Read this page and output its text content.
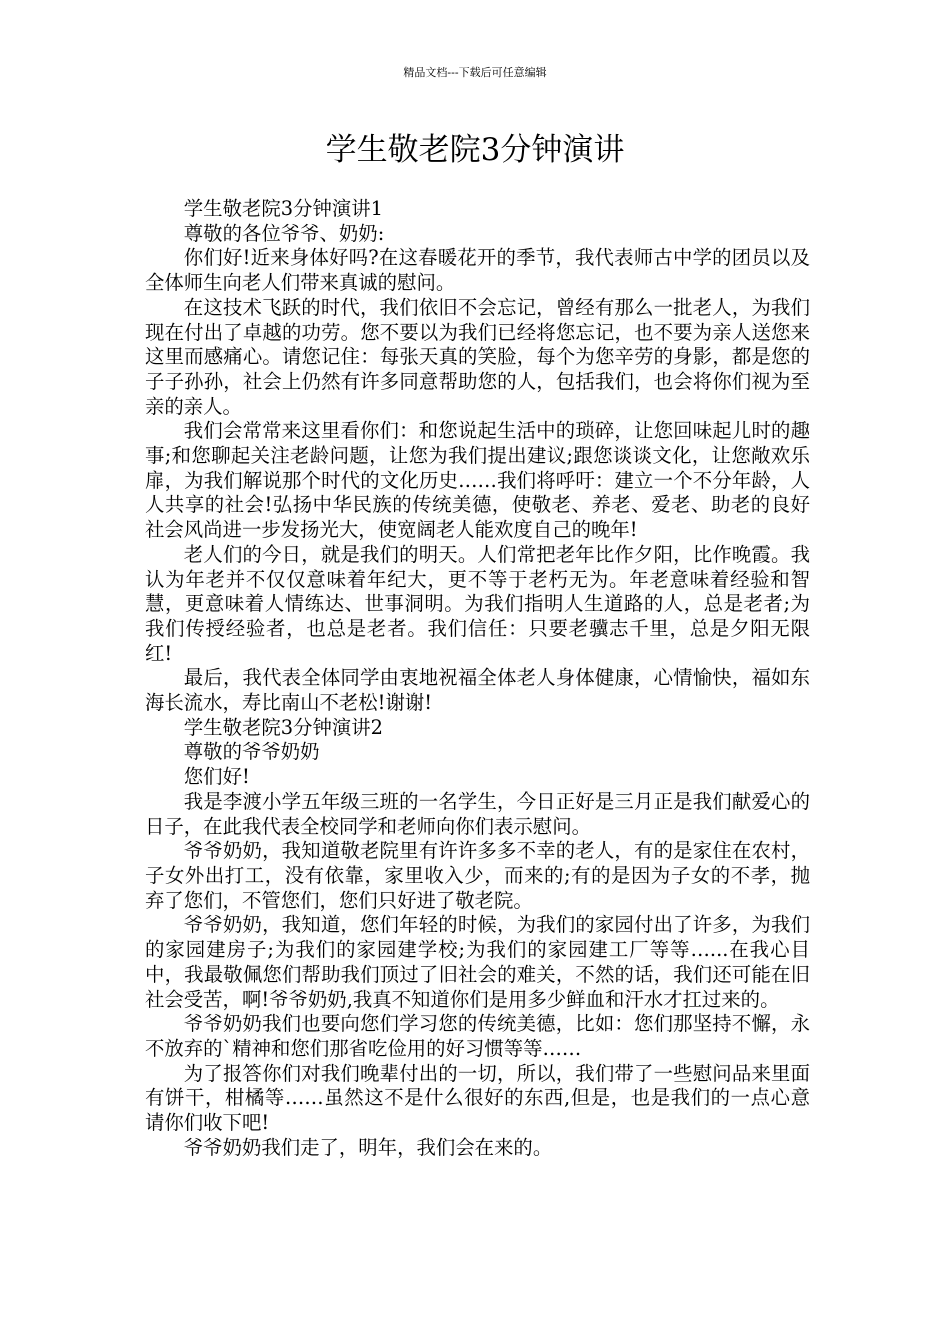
精品文档---下载后可任意编辑
学生敬老院3分钟演讲

学生敬老院3分钟演讲1

尊敬的各位爷爷、奶奶:

你们好!近来身体好吗?在这春暖花开的季节，我代表师古中学的团员以及全体师生向老人们带来真诚的慰问。

在这技术飞跃的时代，我们依旧不会忘记，曾经有那么一批老人，为我们现在付出了卓越的功劳。您不要以为我们已经将您忘记，也不要为亲人送您来这里而感痛心。请您记住：每张天真的笑脸，每个为您辛劳的身影，都是您的子子孙孙，社会上仍然有许多同意帮助您的人，包括我们，也会将你们视为至亲的亲人。

我们会常常来这里看你们：和您说起生活中的琐碎，让您回味起儿时的趣事;和您聊起关注老龄问题，让您为我们提出建议;跟您谈谈文化，让您敞欢乐扉，为我们解说那个时代的文化历史……我们将呼吁：建立一个不分年龄，人人共享的社会!弘扬中华民族的传统美德，使敬老、养老、爱老、助老的良好社会风尚进一步发扬光大，使宽阔老人能欢度自己的晚年!

老人们的今日，就是我们的明天。人们常把老年比作夕阳，比作晚霞。我认为年老并不仅仅意味着年纪大，更不等于老朽无为。年老意味着经验和智慧，更意味着人情练达、世事洞明。为我们指明人生道路的人，总是老者;为我们传授经验者，也总是老者。我们信任：只要老骥志千里，总是夕阳无限红!

最后，我代表全体同学由衷地祝福全体老人身体健康，心情愉快，福如东海长流水，寿比南山不老松!谢谢!

学生敬老院3分钟演讲2

尊敬的爷爷奶奶

您们好!

我是李渡小学五年级三班的一名学生，今日正好是三月正是我们献爱心的日子，在此我代表全校同学和老师向你们表示慰问。

爷爷奶奶，我知道敬老院里有许许多多不幸的老人，有的是家住在农村，子女外出打工，没有依靠，家里收入少，而来的;有的是因为子女的不孝，抛弃了您们，不管您们，您们只好进了敬老院。

爷爷奶奶，我知道，您们年轻的时候，为我们的家园付出了许多，为我们的家园建房子;为我们的家园建学校;为我们的家园建工厂等等…...在我心目中，我最敬佩您们帮助我们顶过了旧社会的难关，不然的话，我们还可能在旧社会受苦，啊!爷爷奶奶,我真不知道你们是用多少鲜血和汗水才扛过来的。

爷爷奶奶我们也要向您们学习您的传统美德，比如：您们那坚持不懈，永不放弃的`精神和您们那省吃俭用的好习惯等等……

为了报答你们对我们晚辈付出的一切，所以，我们带了一些慰问品来里面有饼干，柑橘等……虽然这不是什么很好的东西,但是，也是我们的一点心意请你们收下吧!

爷爷奶奶我们走了，明年，我们会在来的。
